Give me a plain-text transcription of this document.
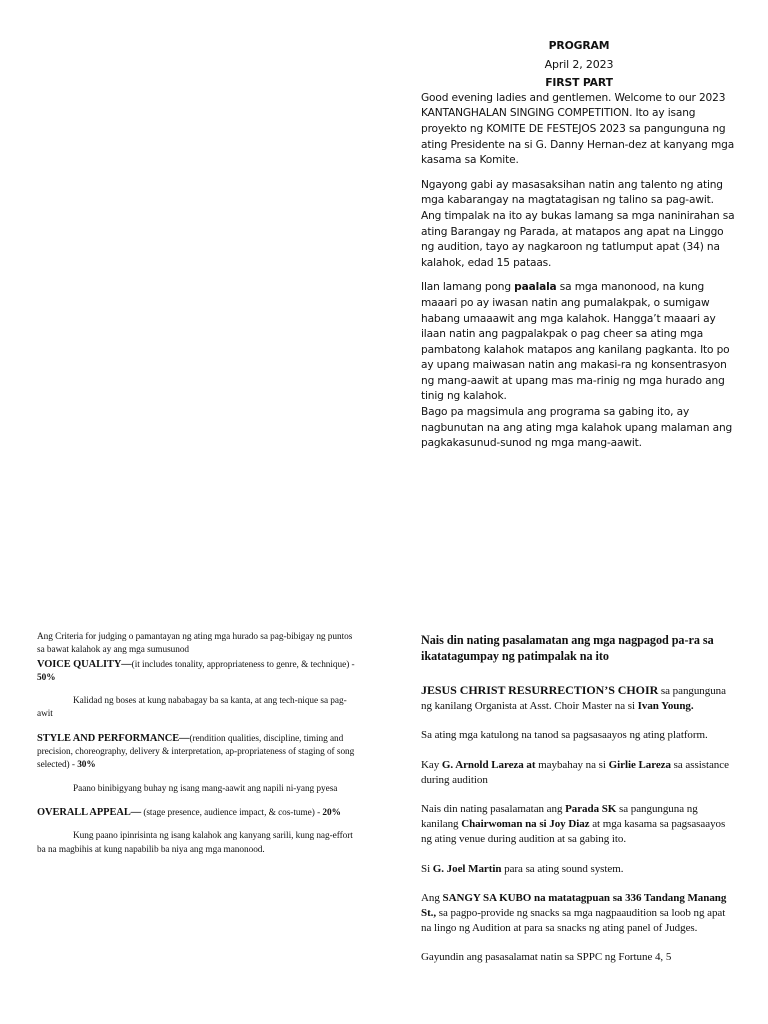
PROGRAM
April 2, 2023
FIRST PART

Good evening ladies and gentlemen. Welcome to our 2023 KANTANGHALAN SINGING COMPETITION. Ito ay isang proyekto ng KOMITE DE FESTEJOS 2023 sa pangunguna ng ating Presidente na si G. Danny Hernan-dez at kanyang mga kasama sa Komite.

Ngayong gabi ay masasaksihan natin ang talento ng ating mga kabarangay na magtatagisan ng talino sa pag-awit. Ang timpalak na ito ay bukas lamang sa mga naninirahan sa ating Barangay ng Parada, at matapos ang apat na Linggo ng audition, tayo ay nagkaroon ng tatlumput apat (34) na kalahok, edad 15 pataas.

Ilan lamang pong paalala sa mga manonood, na kung maaari po ay iwasan natin ang pumalakpak, o sumigaw habang umaaawit ang mga kalahok. Hangga’t maaari ay ilaan natin ang pagpalakpak o pag cheer sa ating mga pambatong kalahok matapos ang kanilang pagkanta. Ito po ay upang maiwasan natin ang makasi-ra ng konsentrasyon ng mang-aawit at upang mas ma-rinig ng mga hurado ang tinig ng kalahok.

Bago pa magsimula ang programa sa gabing ito, ay nagbunutan na ang ating mga kalahok upang malaman ang pagkakasunud-sunod ng mga mang-aawit.

Ang Criteria for judging o pamantayan ng ating mga hurado sa pag-bibigay ng puntos sa bawat kalahok ay ang mga sumusunod

VOICE QUALITY—(it includes tonality, appropriateness to genre, & technique) - 50%

Kalidad ng boses at kung nababagay ba sa kanta, at ang tech-nique sa pag-awit

STYLE AND PERFORMANCE—(rendition qualities, discipline, timing and precision, choreography, delivery & interpretation, ap-propriateness of staging of song selected) - 30%

Paano binibigyang buhay ng isang mang-aawit ang napili ni-yang pyesa

OVERALL APPEAL— (stage presence, audience impact, & cos-tume) - 20%

Kung paano ipinrisinta ng isang kalahok ang kanyang sarili, kung nag-effort ba na magbihis at kung napabilib ba niya ang mga manonood.

Nais din nating pasalamatan ang mga nagpagod pa-ra sa ikatatagumpay ng patimpalak na ito

JESUS CHRIST RESURRECTION’S CHOIR sa pangunguna ng kanilang Organista at Asst. Choir Master na si Ivan Young.

Sa ating mga katulong na tanod sa pagsasaayos ng ating platform.

Kay G. Arnold Lareza at maybahay na si Girlie Lareza sa assistance during audition

Nais din nating pasalamatan ang Parada SK sa pangunguna ng kanilang Chairwoman na si Joy Diaz at mga kasama sa pagsasaayos ng ating venue during audition at sa gabing ito.

Si G. Joel Martin para sa ating sound system.

Ang SANGY SA KUBO na matatagpuan sa 336 Tandang Manang St., sa pagpo-provide ng snacks sa mga nagpaaudition sa loob ng apat na lingo ng Audition at para sa snacks ng ating panel of Judges.

Gayundin ang pasasalamat natin sa SPPC ng Fortune 4, 5
